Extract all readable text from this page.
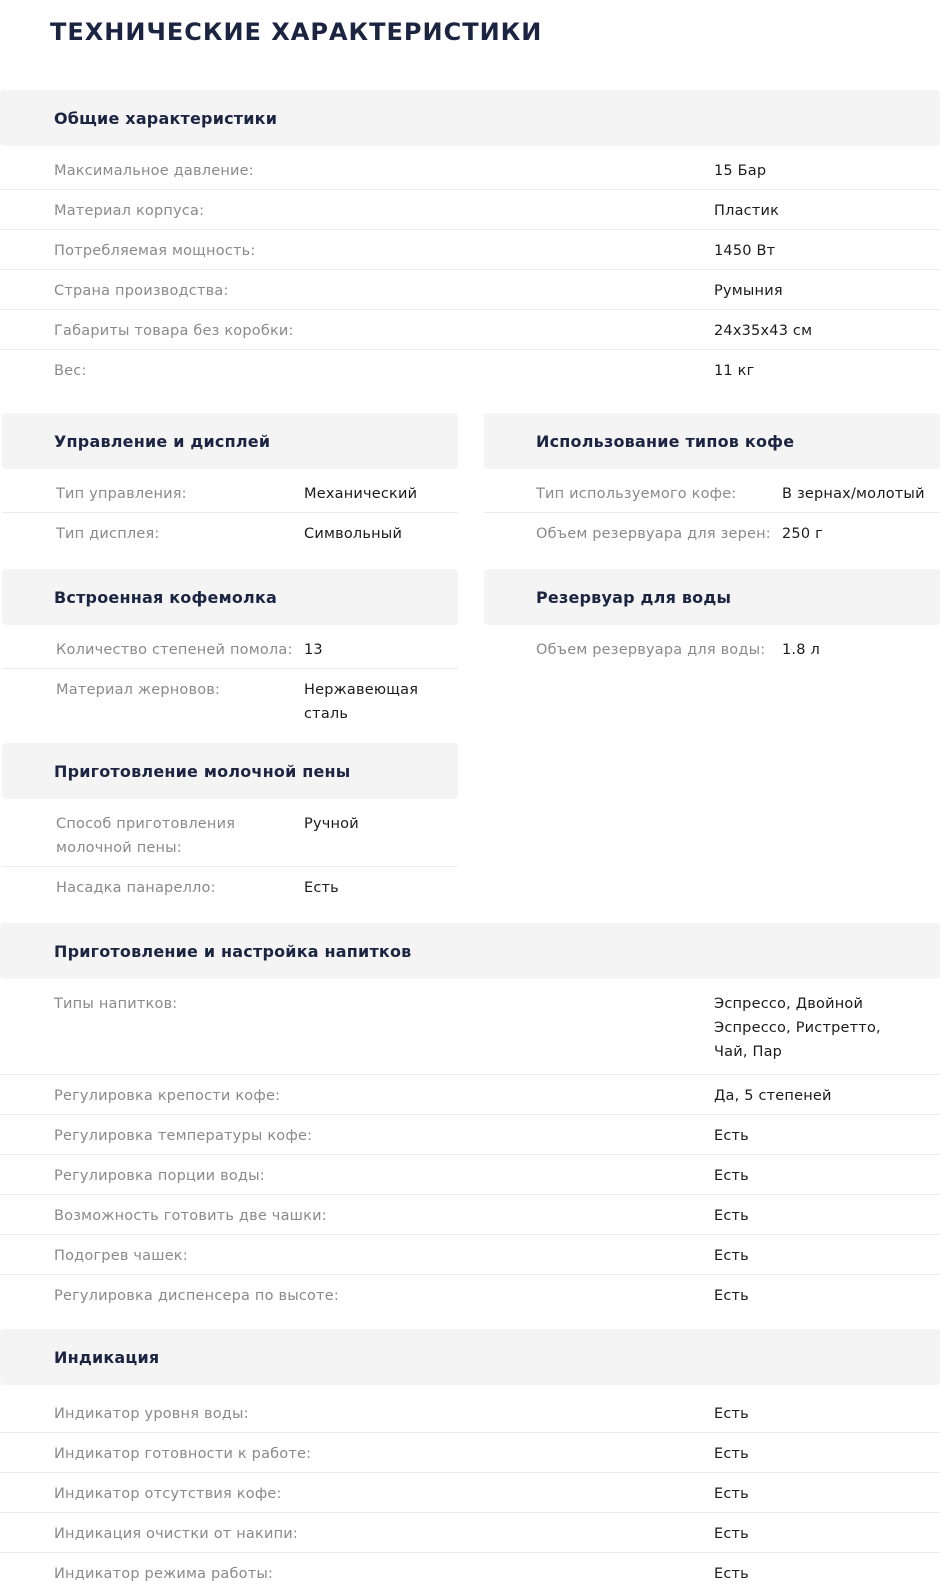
ТЕХНИЧЕСКИЕ ХАРАКТЕРИСТИКИ
Общие характеристики
Максимальное давление:	15 Бар
Материал корпуса:	Пластик
Потребляемая мощность:	1450 Вт
Страна производства:	Румыния
Габариты товара без коробки:	24x35x43 см
Вес:	11 кг
Управление и дисплей
Тип управления:	Механический
Тип дисплея:	Символьный
Использование типов кофе
Тип используемого кофе:	В зернах/молотый
Объем резервуара для зерен: 250 г
Встроенная кофемолка
Количество степеней помола: 13
Материал жерновов:	Нержавеющая сталь
Резервуар для воды
Объем резервуара для воды:	1.8 л
Приготовление молочной пены
Способ приготовления молочной пены:
Ручной
Насадка панарелло:	Есть
Приготовление и настройка напитков
Типы напитков:	Эспрессо, Двойной Эспрессо, Ристретто, Чай, Пар
Регулировка крепости кофе:	Да, 5 степеней
Регулировка температуры кофе:	Есть
Регулировка порции воды:	Есть
Возможность готовить две чашки:	Есть
Подогрев чашек:	Есть
Регулировка диспенсера по высоте:	Есть
Индикация
Индикатор уровня воды:	Есть
Индикатор готовности к работе:	Есть
Индикатор отсутствия кофе:	Есть
Индикация очистки от накипи:	Есть
Индикатор режима работы:	Есть
